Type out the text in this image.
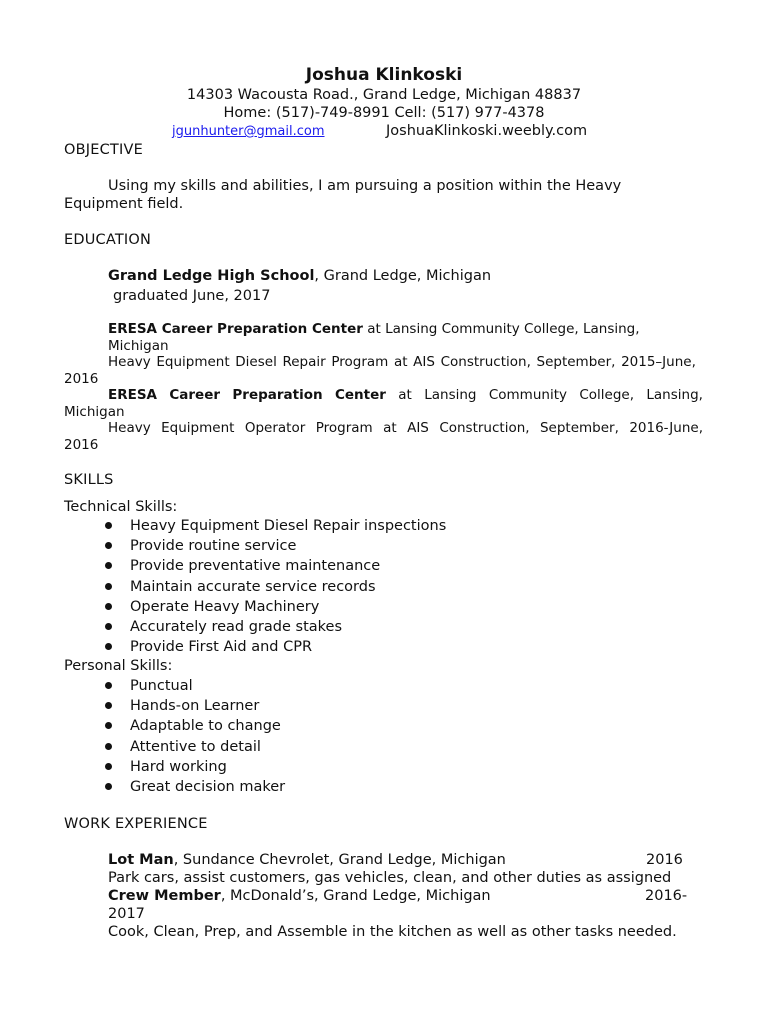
Joshua Klinkoski
14303 Wacousta Road., Grand Ledge, Michigan 48837
Home: (517)-749-8991 Cell: (517) 977-4378
jgunhunter@gmail.com	JoshuaKlinkoski.weebly.com
OBJECTIVE
Using my skills and abilities, I am pursuing a position within the Heavy
Equipment field.
EDUCATION
Grand Ledge High School, Grand Ledge, Michigan
graduated June, 2017
ERESA Career Preparation Center at Lansing Community College, Lansing,
Michigan
Heavy Equipment Diesel Repair Program at AIS Construction, September, 2015–June,
2016
ERESA Career Preparation Center at Lansing Community College, Lansing,
Michigan
Heavy Equipment Operator Program at AIS Construction, September, 2016-June,
2016
SKILLS
Technical Skills:
Heavy Equipment Diesel Repair inspections
Provide routine service
Provide preventative maintenance
Maintain accurate service records
Operate Heavy Machinery
Accurately read grade stakes
Provide First Aid and CPR
Personal Skills:
Punctual
Hands-on Learner
Adaptable to change
Attentive to detail
Hard working
Great decision maker
WORK EXPERIENCE
Lot Man, Sundance Chevrolet, Grand Ledge, Michigan	2016
Park cars, assist customers, gas vehicles, clean, and other duties as assigned
Crew Member, McDonald’s, Grand Ledge, Michigan	2016-
2017
Cook, Clean, Prep, and Assemble in the kitchen as well as other tasks needed.
